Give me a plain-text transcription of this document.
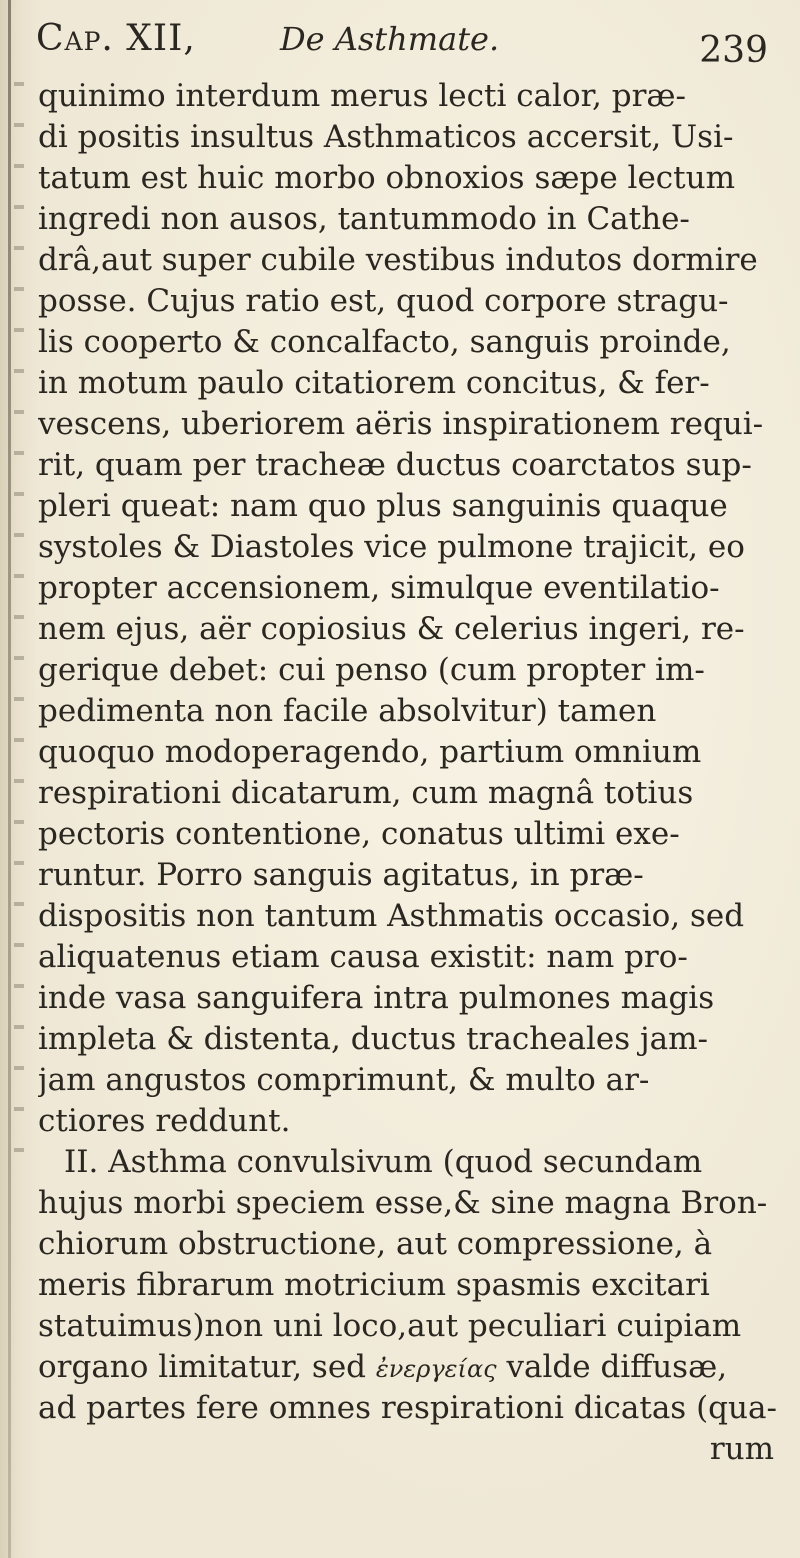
Cap. XII,	De Asthmate.	239
quinimo interdum merus lecti calor, præ-
di positis insultus Asthmaticos accersit, Usi-
tatum est huic morbo obnoxios sæpe lectum
ingredi non ausos, tantummodo in Cathe-
drâ,aut super cubile vestibus indutos dormire
posse. Cujus ratio est, quod corpore stragu-
lis cooperto & concalfacto, sanguis proinde,
in motum paulo citatiorem concitus, & fer-
vescens, uberiorem aëris inspirationem requi-
rit, quam per tracheæ ductus coarctatos sup-
pleri queat: nam quo plus sanguinis quaque
systoles & Diastoles vice pulmone trajicit, eo
propter accensionem, simulque eventilatio-
nem ejus, aër copiosius & celerius ingeri, re-
gerique debet: cui penso (cum propter im-
pedimenta non facile absolvitur) tamen
quoquo modoperagendo, partium omnium
respirationi dicatarum, cum magnâ totius
pectoris contentione, conatus ultimi exe-
runtur. Porro sanguis agitatus, in præ-
dispositis non tantum Asthmatis occasio, sed
aliquatenus etiam causa existit: nam pro-
inde vasa sanguifera intra pulmones magis
impleta & distenta, ductus tracheales jam-
jam angustos comprimunt, & multo ar-
ctiores reddunt.
II. Asthma convulsivum (quod secundam
hujus morbi speciem esse,& sine magna Bron-
chiorum obstructione, aut compressione, à
meris fibrarum motricium spasmis excitari
statuimus)non uni loco,aut peculiari cuipiam
organo limitatur, sed ἐνεργείας valde diffusæ,
ad partes fere omnes respirationi dicatas (qua-
rum
